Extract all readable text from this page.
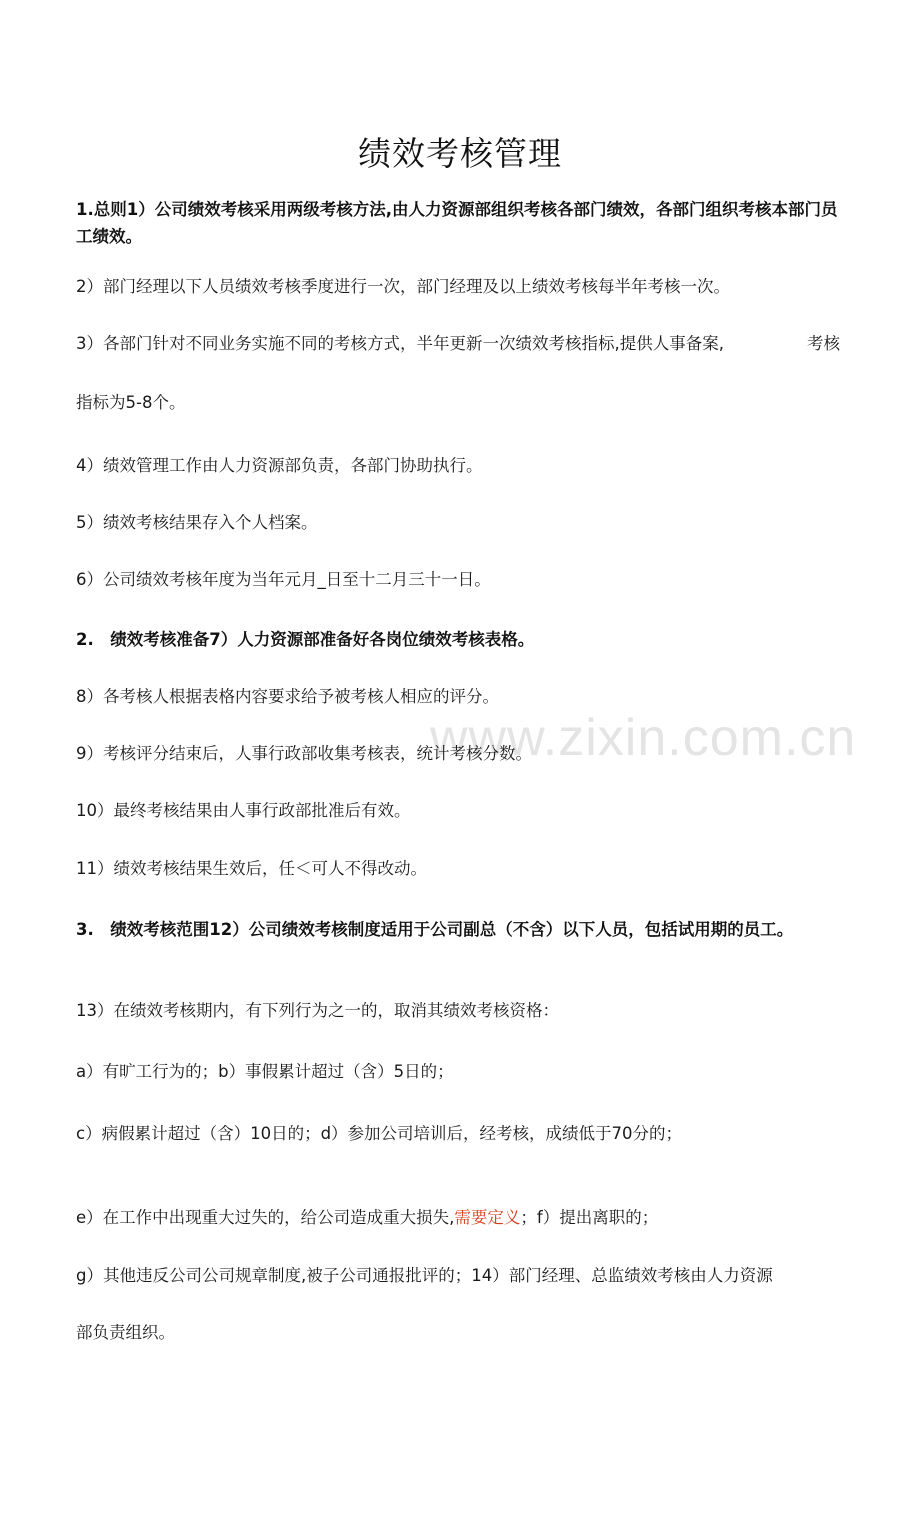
绩效考核管理
www.zixin.com.cn
1.总则1）公司绩效考核采用两级考核方法,由人力资源部组织考核各部门绩效，各部门组织考核本部门员工绩效。
2）部门经理以下人员绩效考核季度进行一次，部门经理及以上绩效考核每半年考核一次。
3）各部门针对不同业务实施不同的考核方式，半年更新一次绩效考核指标,提供人事备案,	考核
指标为5-8个。
4）绩效管理工作由人力资源部负责，各部门协助执行。
5）绩效考核结果存入个人档案。
6）公司绩效考核年度为当年元月_日至十二月三十一日。
2.　绩效考核准备7）人力资源部准备好各岗位绩效考核表格。
8）各考核人根据表格内容要求给予被考核人相应的评分。
9）考核评分结束后，人事行政部收集考核表，统计考核分数。
10）最终考核结果由人事行政部批准后有效。
11）绩效考核结果生效后，任＜可人不得改动。
3.　绩效考核范围12）公司绩效考核制度适用于公司副总（不含）以下人员，包括试用期的员工。
13）在绩效考核期内，有下列行为之一的，取消其绩效考核资格：
a）有旷工行为的；b）事假累计超过（含）5日的；
c）病假累计超过（含）10日的；d）参加公司培训后，经考核，成绩低于70分的；
e）在工作中出现重大过失的，给公司造成重大损失,需要定义；f）提出离职的；
g）其他违反公司公司规章制度,被子公司通报批评的；14）部门经理、总监绩效考核由人力资源
部负责组织。
